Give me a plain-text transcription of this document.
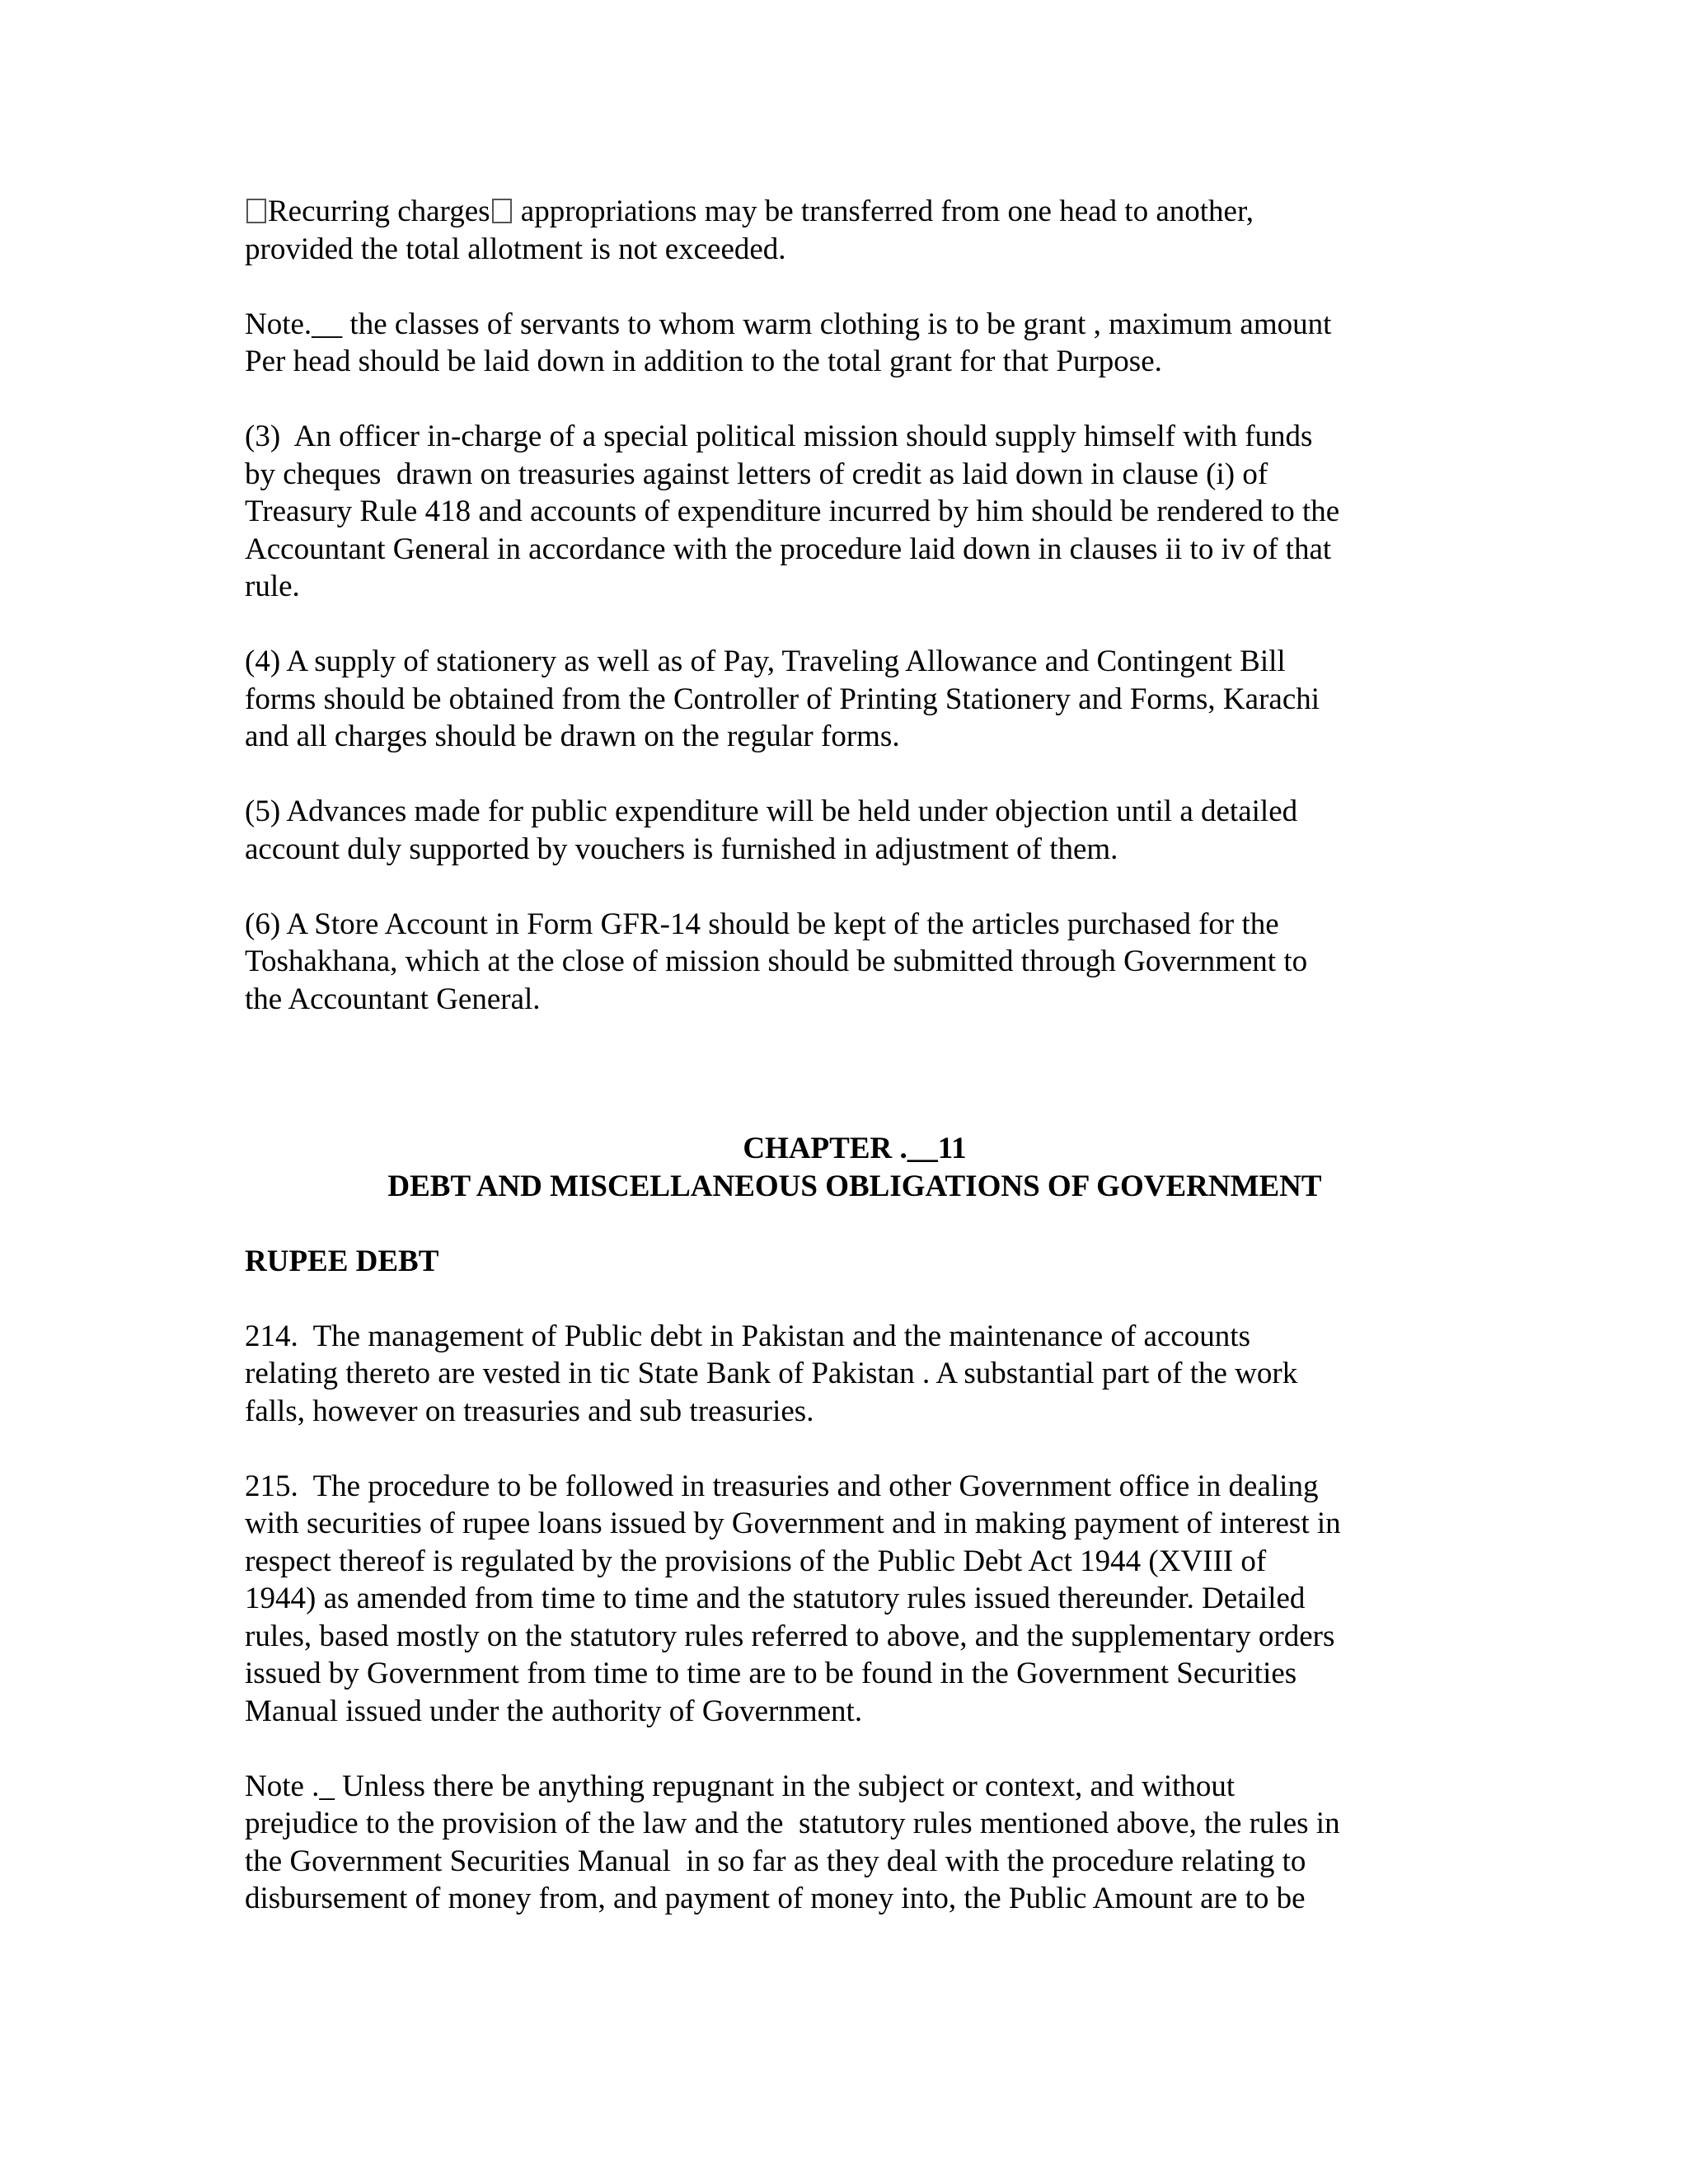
Recurring charges appropriations may be transferred from one head to another,
provided the total allotment is not exceeded.

Note.__ the classes of servants to whom warm clothing is to be grant , maximum amount
Per head should be laid down in addition to the total grant for that Purpose.

(3)  An officer in-charge of a special political mission should supply himself with funds
by cheques  drawn on treasuries against letters of credit as laid down in clause (i) of
Treasury Rule 418 and accounts of expenditure incurred by him should be rendered to the
Accountant General in accordance with the procedure laid down in clauses ii to iv of that
rule.

(4) A supply of stationery as well as of Pay, Traveling Allowance and Contingent Bill
forms should be obtained from the Controller of Printing Stationery and Forms, Karachi
and all charges should be drawn on the regular forms.

(5) Advances made for public expenditure will be held under objection until a detailed
account duly supported by vouchers is furnished in adjustment of them.

(6) A Store Account in Form GFR-14 should be kept of the articles purchased for the
Toshakhana, which at the close of mission should be submitted through Government to
the Accountant General.

CHAPTER .__11
DEBT AND MISCELLANEOUS OBLIGATIONS OF GOVERNMENT
RUPEE DEBT

214.  The management of Public debt in Pakistan and the maintenance of accounts
relating thereto are vested in tic State Bank of Pakistan . A substantial part of the work
falls, however on treasuries and sub treasuries.

215.  The procedure to be followed in treasuries and other Government office in dealing
with securities of rupee loans issued by Government and in making payment of interest in
respect thereof is regulated by the provisions of the Public Debt Act 1944 (XVIII of
1944) as amended from time to time and the statutory rules issued thereunder. Detailed
rules, based mostly on the statutory rules referred to above, and the supplementary orders
issued by Government from time to time are to be found in the Government Securities
Manual issued under the authority of Government.

Note ._ Unless there be anything repugnant in the subject or context, and without
prejudice to the provision of the law and the  statutory rules mentioned above, the rules in
the Government Securities Manual  in so far as they deal with the procedure relating to
disbursement of money from, and payment of money into, the Public Amount are to be
